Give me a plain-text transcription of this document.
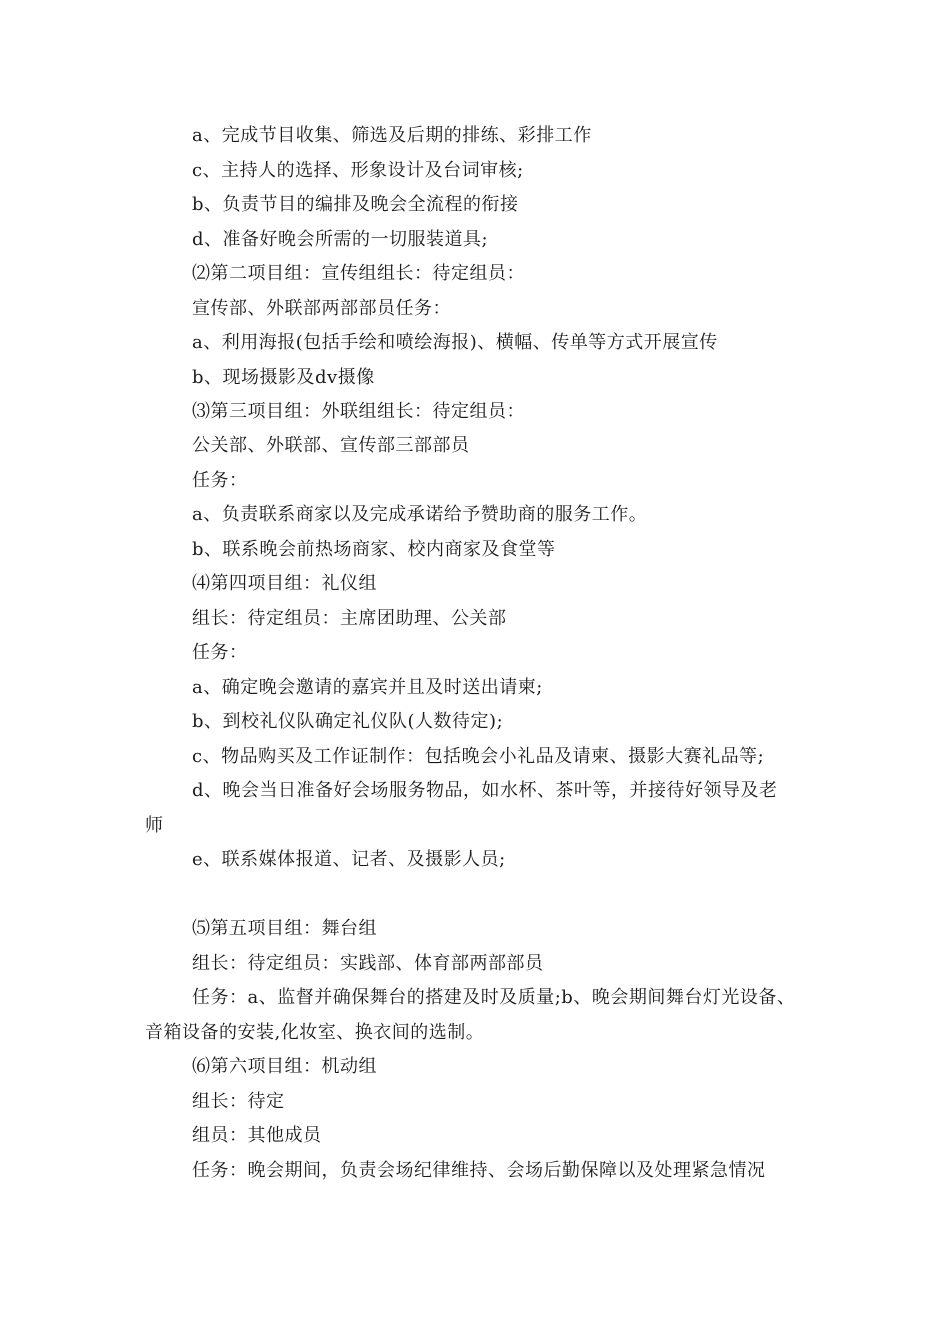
a、完成节目收集、筛选及后期的排练、彩排工作
c、主持人的选择、形象设计及台词审核;
b、负责节目的编排及晚会全流程的衔接
d、准备好晚会所需的一切服装道具;
⑵第二项目组：宣传组组长：待定组员：
宣传部、外联部两部部员任务：
a、利用海报(包括手绘和喷绘海报)、横幅、传单等方式开展宣传
b、现场摄影及dv摄像
⑶第三项目组：外联组组长：待定组员：
公关部、外联部、宣传部三部部员
任务：
a、负责联系商家以及完成承诺给予赞助商的服务工作。
b、联系晚会前热场商家、校内商家及食堂等
⑷第四项目组：礼仪组
组长：待定组员：主席团助理、公关部
任务：
a、确定晚会邀请的嘉宾并且及时送出请柬;
b、到校礼仪队确定礼仪队(人数待定);
c、物品购买及工作证制作：包括晚会小礼品及请柬、摄影大赛礼品等;
d、晚会当日准备好会场服务物品，如水杯、茶叶等，并接待好领导及老
师
e、联系媒体报道、记者、及摄影人员;
⑸第五项目组：舞台组
组长：待定组员：实践部、体育部两部部员
任务：a、监督并确保舞台的搭建及时及质量;b、晚会期间舞台灯光设备、
音箱设备的安装,化妆室、换衣间的选制。
⑹第六项目组：机动组
组长：待定
组员：其他成员
任务：晚会期间，负责会场纪律维持、会场后勤保障以及处理紧急情况
